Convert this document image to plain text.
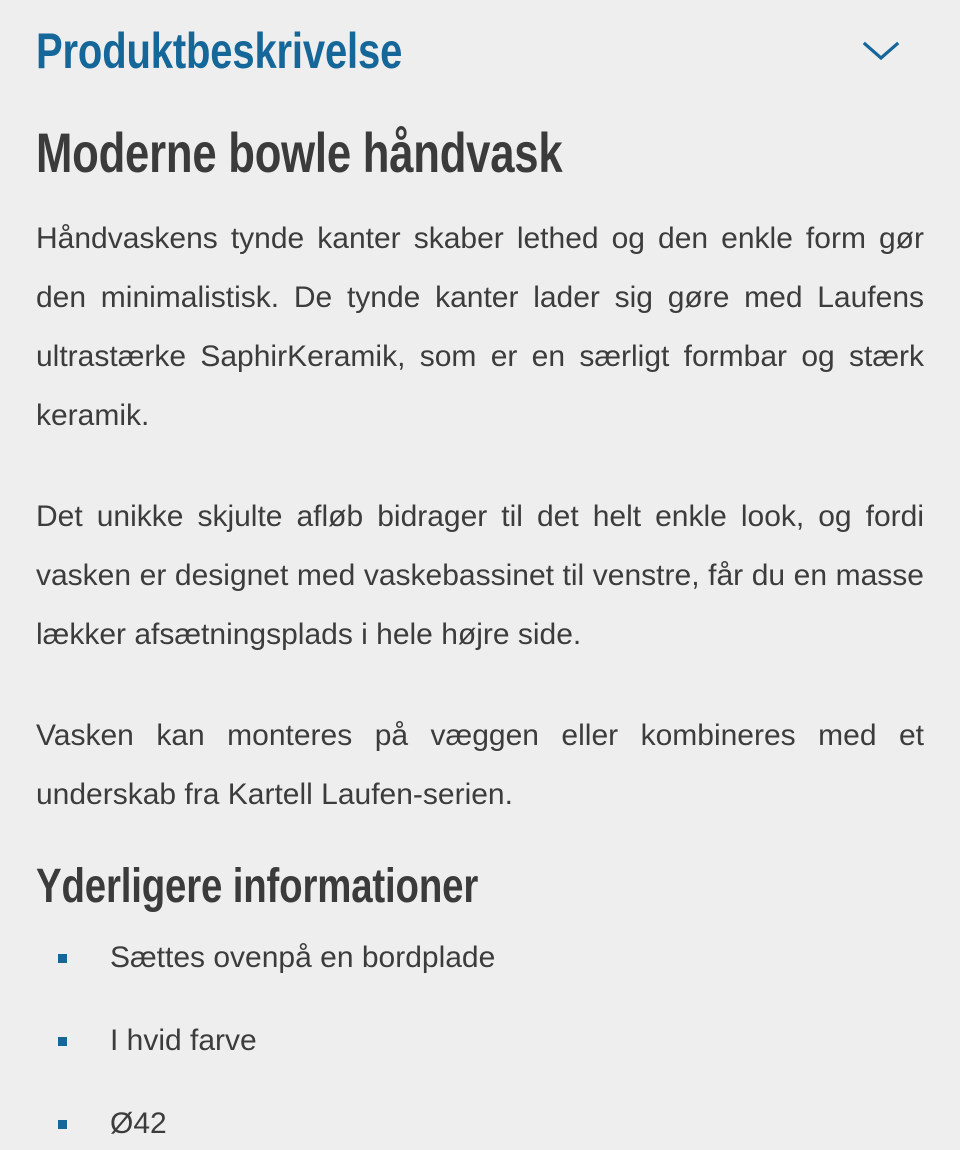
Produktbeskrivelse
Moderne bowle håndvask

Håndvaskens tynde kanter skaber lethed og den enkle form gør den minimalistisk. De tynde kanter lader sig gøre med Laufens ultrastærke SaphirKeramik, som er en særligt formbar og stærk keramik.

Det unikke skjulte afløb bidrager til det helt enkle look, og fordi vasken er designet med vaskebassinet til venstre, får du en masse lækker afsætningsplads i hele højre side.

Vasken kan monteres på væggen eller kombineres med et underskab fra Kartell Laufen-serien.

Yderligere informationer
Sættes ovenpå en bordplade
I hvid farve
Ø42
